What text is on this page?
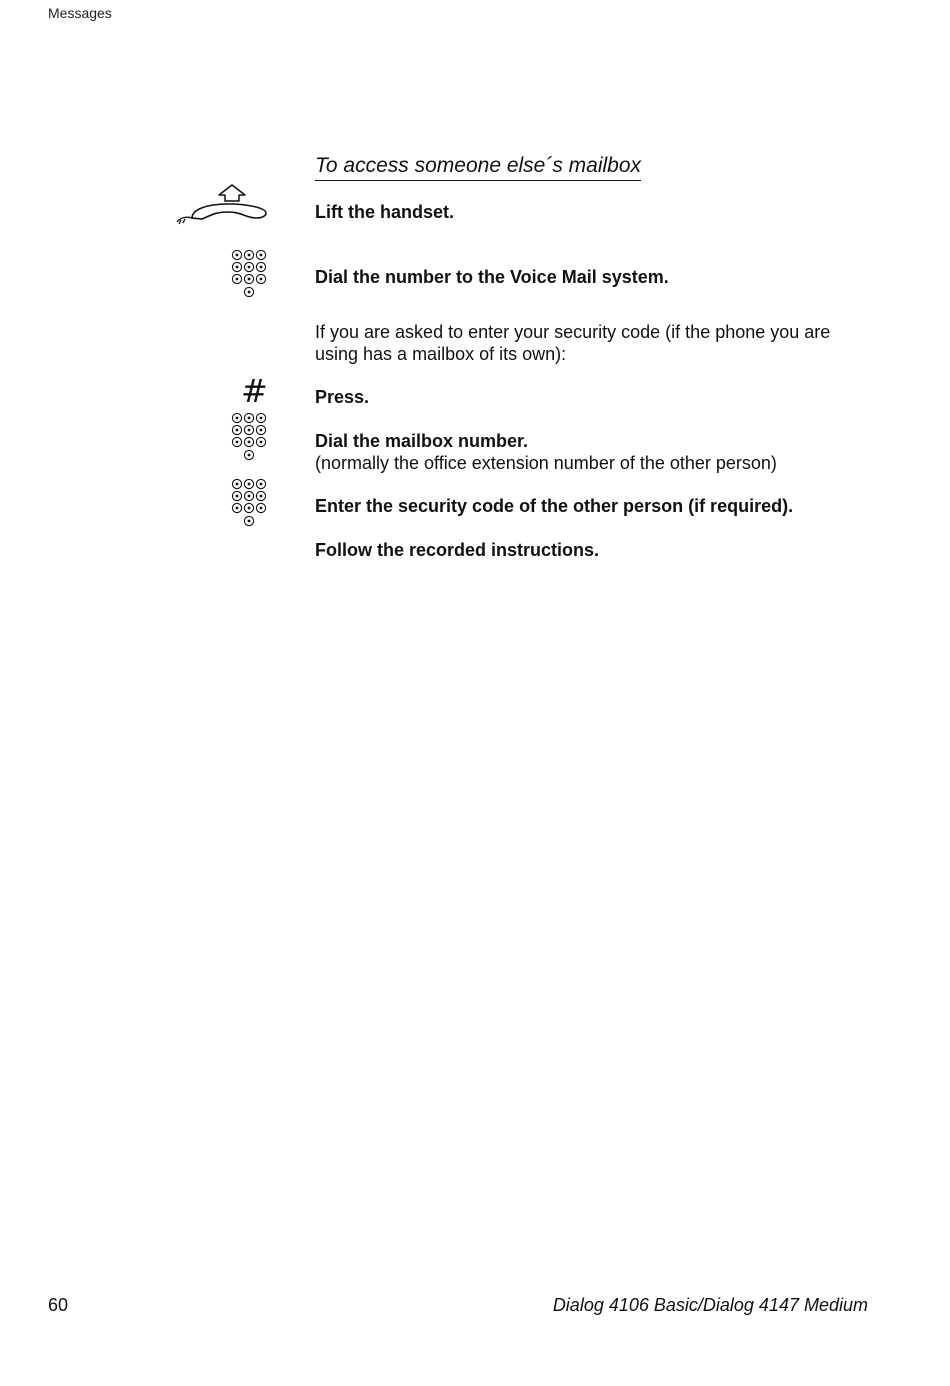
Messages
To access someone else´s mailbox
Lift the handset.
Dial the number to the Voice Mail system.
If you are asked to enter your security code (if the phone you are using has a mailbox of its own):
#	Press.
Dial the mailbox number.
(normally the office extension number of the other person)
Enter the security code of the other person (if required).
Follow the recorded instructions.
60	Dialog 4106 Basic/Dialog 4147 Medium
